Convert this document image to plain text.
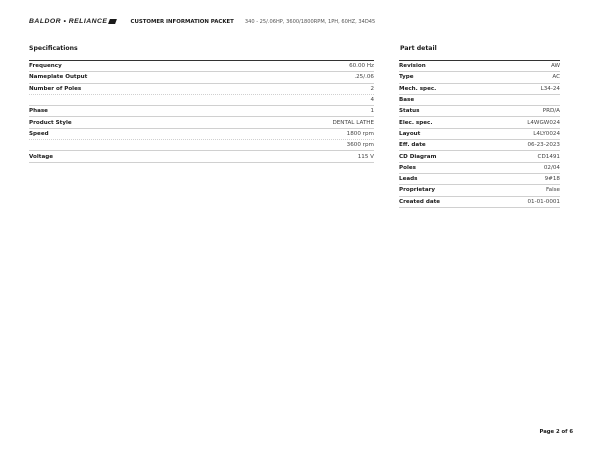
BALDOR • RELIANCE	CUSTOMER INFORMATION PACKET 340 - 25/.06HP, 3600/1800RPM, 1PH, 60HZ, 34D45
Specifications
Frequency	60.00 Hz
Nameplate Output	.25/.06
Number of Poles	2
4
Phase	1
Product Style	DENTAL LATHE
Speed	1800 rpm
3600 rpm
Voltage	115 V
Part detail
Revision	AW
Type	AC
Mech. spec.	L34-24
Base
Status	PRD/A
Elec. spec.	L4WGW024
Layout	L4LY0024
Eff. date	06-23-2023
CD Diagram	CD1491
Poles	02/04
Leads	9#18
Proprietary	False
Created date	01-01-0001
Page 2 of 6
